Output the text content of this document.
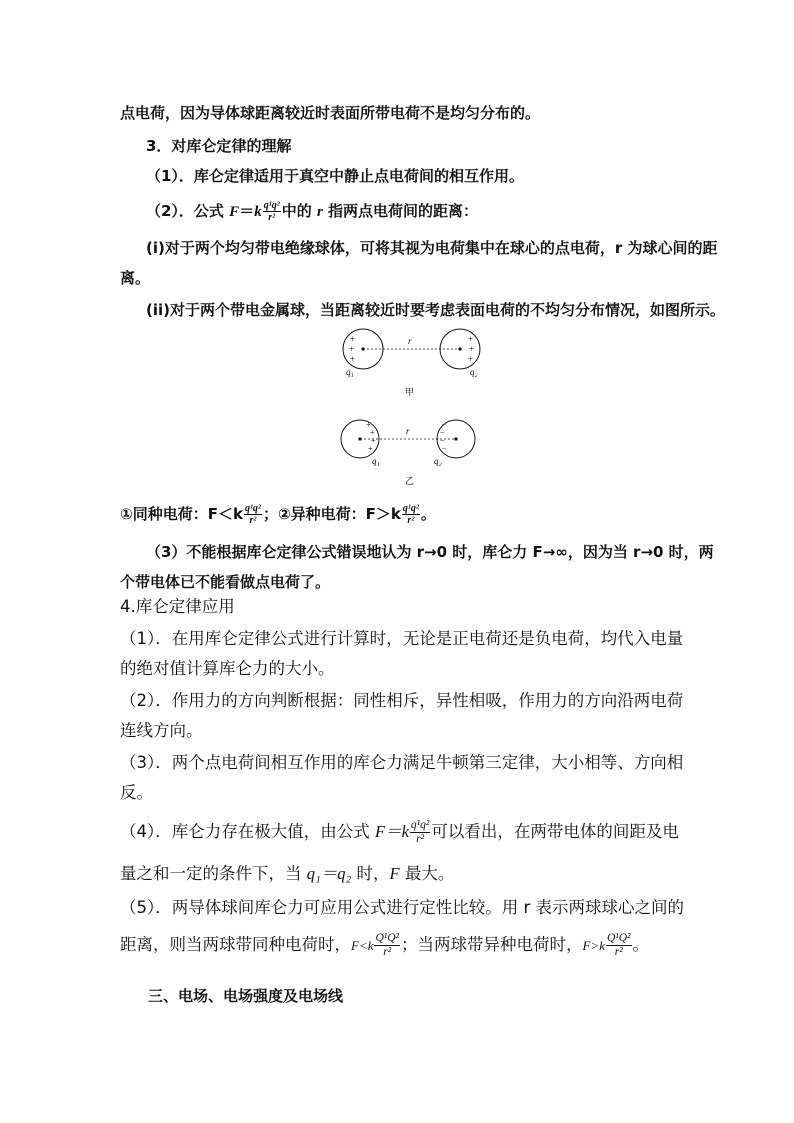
点电荷，因为导体球距离较近时表面所带电荷不是均匀分布的。
3．对库仑定律的理解
（1）．库仑定律适用于真空中静止点电荷间的相互作用。
（2）．公式 $F=k \frac{\text{q¹q²}}{\text{r²}}$ 中的 r 指两点电荷间的距离：
(i)对于两个均匀带电绝缘球体，可将其视为电荷集中在球心的点电荷，r 为球心间的距
离。
(ii)对于两个带电金属球，当距离较近时要考虑表面电荷的不均匀分布情况，如图所示。
r
+
+
+
+
+
+
q₁	q₂
甲
r
+
+
+
+
−
−
−
−
q₁	q₂
乙
①同种电荷：$F<k \frac{\text{q¹q²}}{\text{r²}}$ ；②异种电荷：$F>k \frac{\text{q¹q²}}{\text{r²}}$ 。
（3）不能根据库仑定律公式错误地认为 r→0 时，库仑力 F→∞，因为当 r→0 时，两
个带电体已不能看做点电荷了。
4.库仑定律应用
（1）．在用库仑定律公式进行计算时，无论是正电荷还是负电荷，均代入电量
的绝对值计算库仑力的大小。
（2）．作用力的方向判断根据：同性相斥，异性相吸，作用力的方向沿两电荷
连线方向。
（3）．两个点电荷间相互作用的库仑力满足牛顿第三定律，大小相等、方向相
反。
（4）．库仑力存在极大值，由公式 $F=k \frac{\text{q¹q²}}{\text{r²}}$ 可以看出，在两带电体的间距及电
量之和一定的条件下，当 q₁＝q₂ 时，F 最大。
（5）．两导体球间库仑力可应用公式进行定性比较。用 r 表示两球球心之间的
距离，则当两球带同种电荷时，$F<k \frac{\text{Q¹Q²}}{\text{r²}}$ ；当两球带异种电荷时，$F>k \frac{\text{Q¹Q²}}{\text{r²}}$ 。
三、电场、电场强度及电场线
